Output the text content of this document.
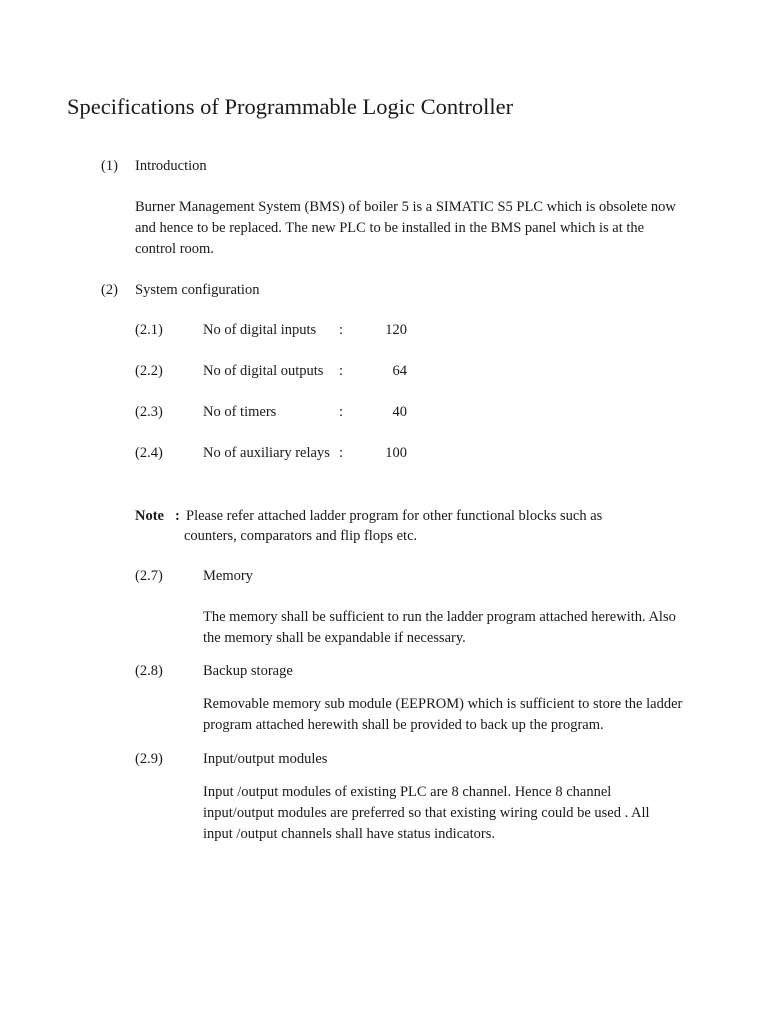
Specifications of Programmable Logic Controller
(1) Introduction
Burner Management System (BMS) of boiler 5 is a SIMATIC S5 PLC which is obsolete now and hence to be replaced. The new PLC to be installed in the BMS panel which is at the control room.
(2) System configuration
(2.1)	No of digital inputs :	120
(2.2)	No of digital outputs :	64
(2.3)	No of timers	:	40
(2.4)	No of auxiliary relays :	100
Note : Please refer attached ladder program for other functional blocks such as
counters, comparators and flip flops etc.
(2.7)	Memory
The memory shall be sufficient to run the ladder program attached herewith. Also the memory shall be expandable if necessary.
(2.8)	Backup storage
Removable memory sub module (EEPROM) which is sufficient to store the ladder program attached herewith shall be provided to back up the program.
(2.9)	Input/output modules
Input /output modules of existing PLC are 8 channel. Hence 8 channel input/output modules are preferred so that existing wiring could be used . All input /output channels shall have status indicators.
